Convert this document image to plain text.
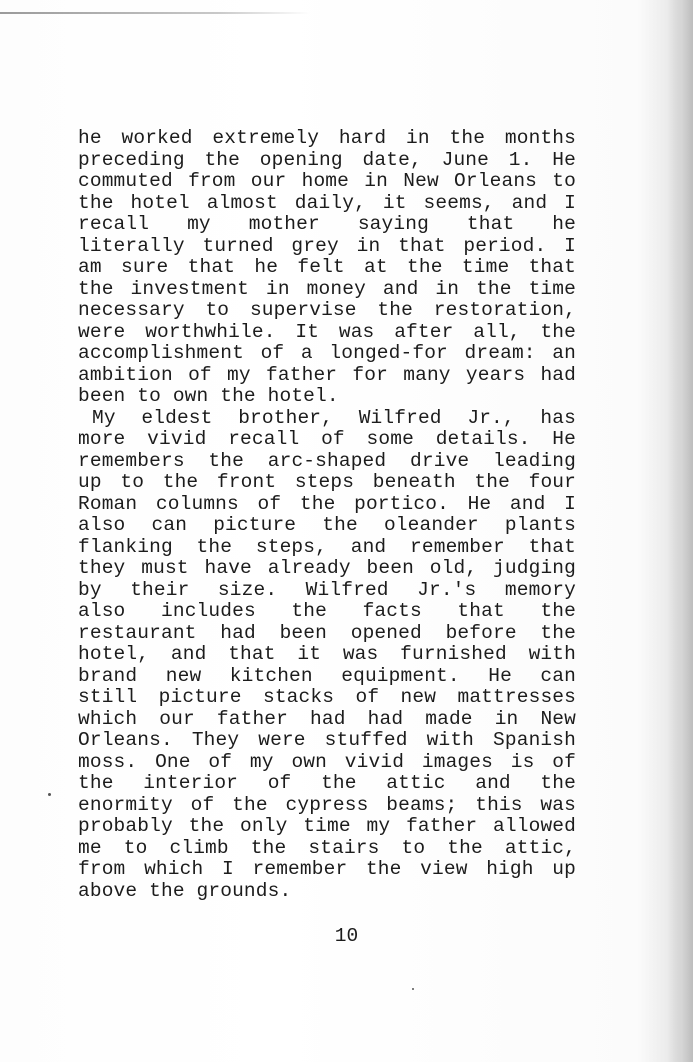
he worked extremely hard in the months
preceding the opening date, June 1. He
commuted from our home in New Orleans to
the hotel almost daily, it seems, and I
recall my mother saying that he
literally turned grey in that period. I
am sure that he felt at the time that
the investment in money and in the time
necessary to supervise the restoration,
were worthwhile. It was after all, the
accomplishment of a longed-for dream: an
ambition of my father for many years had
been to own the hotel.
My eldest brother, Wilfred Jr., has
more vivid recall of some details. He
remembers the arc-shaped drive leading
up to the front steps beneath the four
Roman columns of the portico. He and I
also can picture the oleander plants
flanking the steps, and remember that
they must have already been old, judging
by their size. Wilfred Jr.'s memory
also includes the facts that the
restaurant had been opened before the
hotel, and that it was furnished with
brand new kitchen equipment. He can
still picture stacks of new mattresses
which our father had had made in New
Orleans. They were stuffed with Spanish
moss. One of my own vivid images is of
the interior of the attic and the
enormity of the cypress beams; this was
probably the only time my father allowed
me to climb the stairs to the attic,
from which I remember the view high up
above the grounds.
10
